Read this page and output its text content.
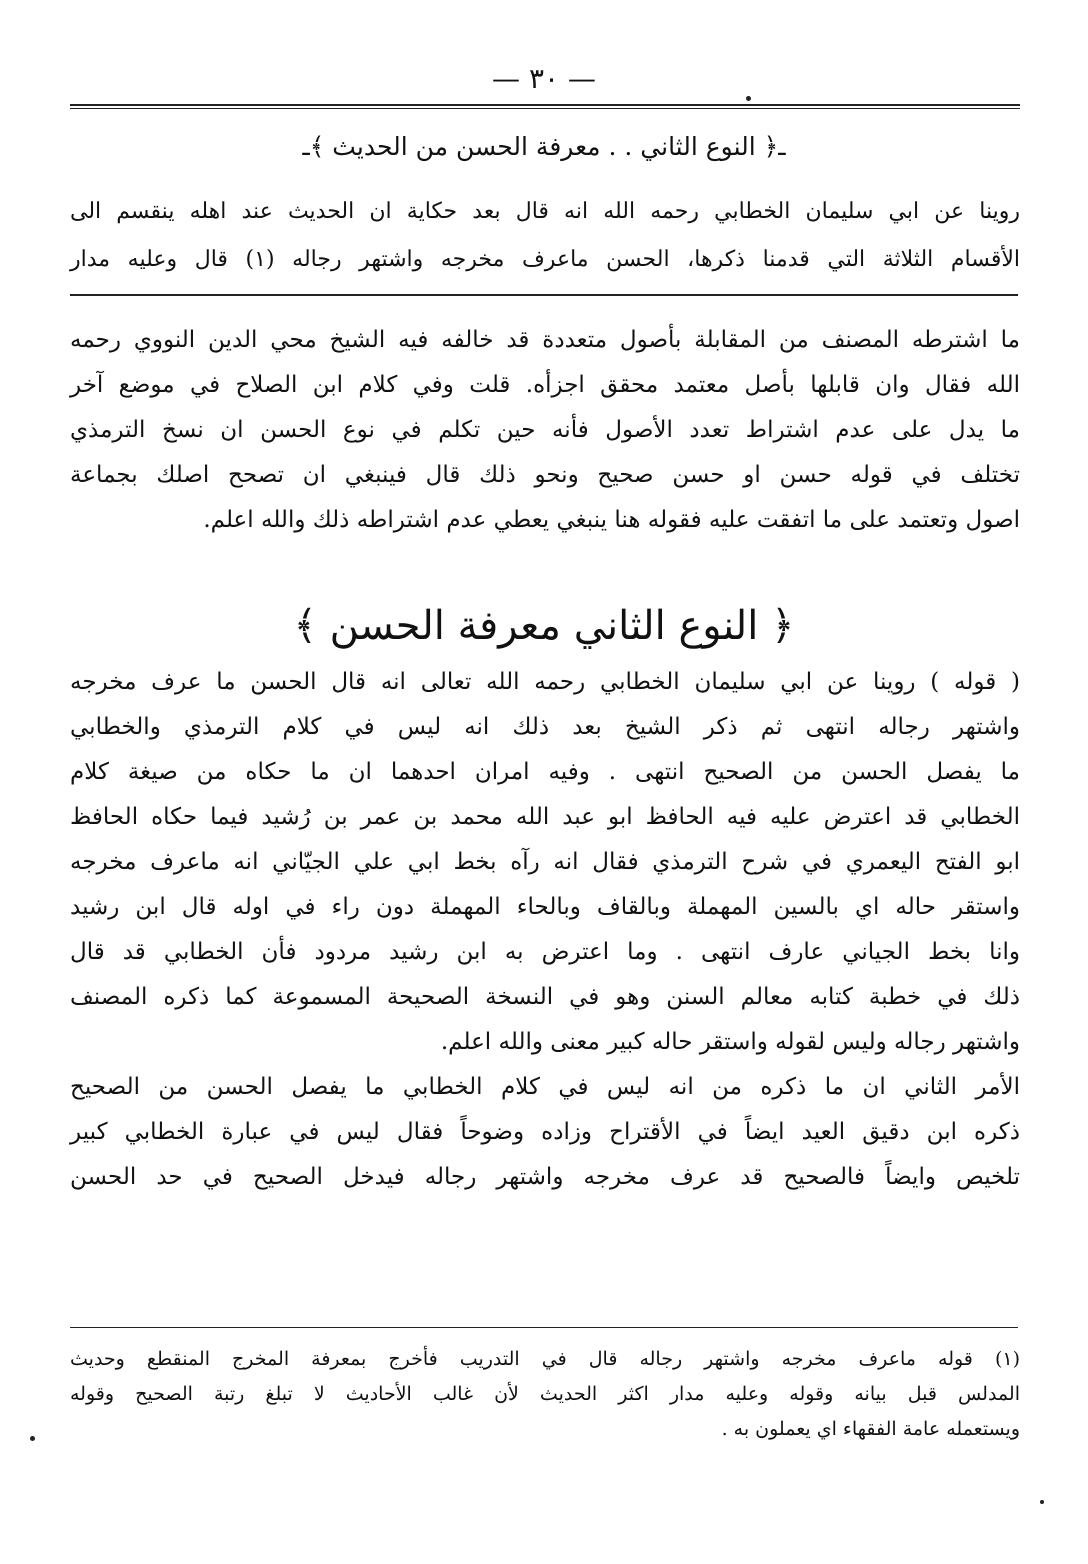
— ٣٠ —
ـ﴿ النوع الثاني . . معرفة الحسن من الحديث ﴾ـ

روينا عن ابي سليمان الخطابي رحمه الله انه قال بعد حكاية ان الحديث عند اهله ينقسم الى

الأقسام الثلاثة التي قدمنا ذكرها، الحسن ماعرف مخرجه واشتهر رجاله (١) قال وعليه مدار

ما اشترطه المصنف من المقابلة بأصول متعددة قد خالفه فيه الشيخ محي الدين النووي رحمه

الله فقال وان قابلها بأصل معتمد محقق اجزأه. قلت وفي كلام ابن الصلاح في موضع آخر

ما يدل على عدم اشتراط تعدد الأصول فأنه حين تكلم في نوع الحسن ان نسخ الترمذي

تختلف في قوله حسن او حسن صحيح ونحو ذلك قال فينبغي ان تصحح اصلك بجماعة

اصول وتعتمد على ما اتفقت عليه فقوله هنا ينبغي يعطي عدم اشتراطه ذلك والله اعلم.

﴿ النوع الثاني معرفة الحسن ﴾

( قوله ) روينا عن ابي سليمان الخطابي رحمه الله تعالى انه قال الحسن ما عرف مخرجه

واشتهر رجاله انتهى ثم ذكر الشيخ بعد ذلك انه ليس في كلام الترمذي والخطابي

ما يفصل الحسن من الصحيح انتهى . وفيه امران احدهما ان ما حكاه من صيغة كلام

الخطابي قد اعترض عليه فيه الحافظ ابو عبد الله محمد بن عمر بن رُشيد فيما حكاه الحافظ

ابو الفتح اليعمري في شرح الترمذي فقال انه رآه بخط ابي علي الجيّاني انه ماعرف مخرجه

واستقر حاله اي بالسين المهملة وبالقاف وبالحاء المهملة دون راء في اوله قال ابن رشيد

وانا بخط الجياني عارف انتهى . وما اعترض به ابن رشيد مردود فأن الخطابي قد قال

ذلك في خطبة كتابه معالم السنن وهو في النسخة الصحيحة المسموعة كما ذكره المصنف

واشتهر رجاله وليس لقوله واستقر حاله كبير معنى والله اعلم.

الأمر الثاني ان ما ذكره من انه ليس في كلام الخطابي ما يفصل الحسن من الصحيح

ذكره ابن دقيق العيد ايضاً في الأقتراح وزاده وضوحاً فقال ليس في عبارة الخطابي كبير

تلخيص وايضاً فالصحيح قد عرف مخرجه واشتهر رجاله فيدخل الصحيح في حد الحسن

(١) قوله ماعرف مخرجه واشتهر رجاله قال في التدريب فأخرج بمعرفة المخرج المنقطع وحديث

المدلس قبل بيانه وقوله وعليه مدار اكثر الحديث لأن غالب الأحاديث لا تبلغ رتبة الصحيح وقوله

ويستعمله عامة الفقهاء اي يعملون به .
